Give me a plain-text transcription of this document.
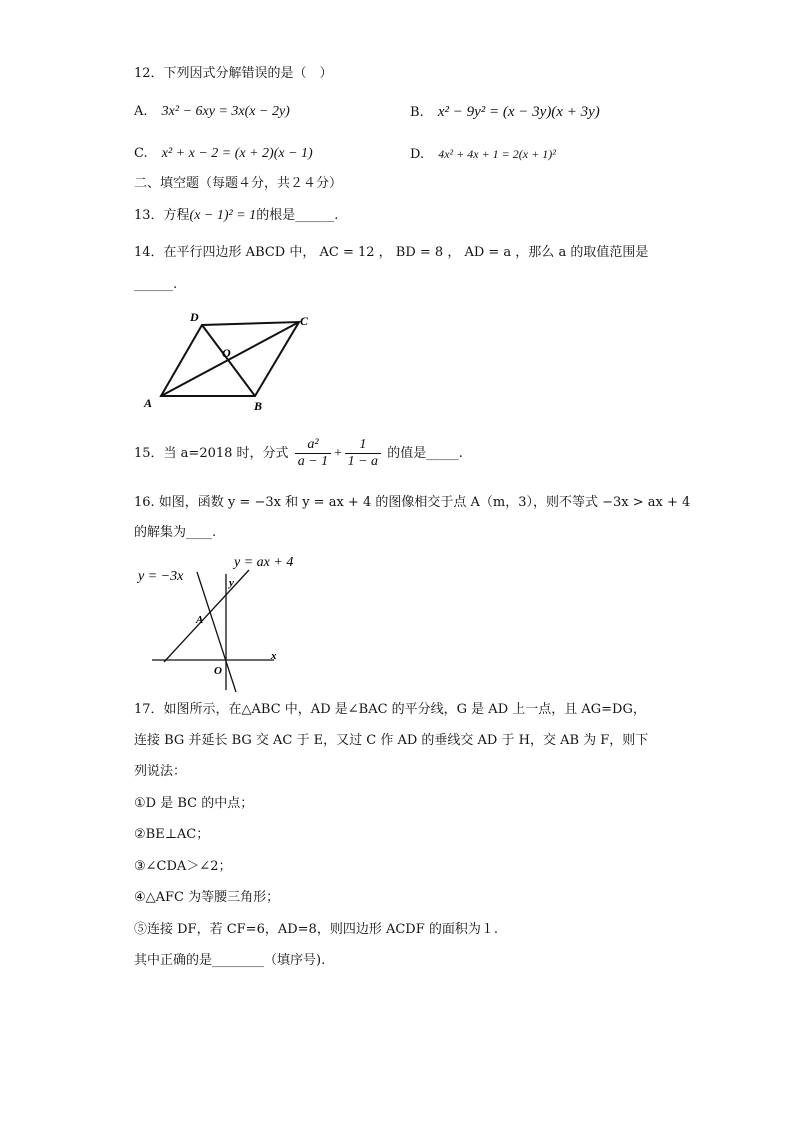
12．下列因式分解错误的是（　）
A. 3x² − 6xy = 3x(x − 2y)	B. x² − 9y² = (x − 3y)(x + 3y)
C. x² + x − 2 = (x + 2)(x − 1)	D. 4x² + 4x + 1 = 2(x + 1)²
二、填空题（每题４分，共２４分）
13．方程(x − 1)² = 1的根是______.
14．在平行四边形 ABCD 中， AC = 12 ， BD = 8 ， AD = a ，那么 a 的取值范围是
______.
A	B
C
D
O
15．当 a=2018 时，分式 $\frac{\text{a²}}{a - 1} + \frac{1}{1 - a}$ 的值是_____.
16. 如图，函数 y = −3x 和 y = ax + 4 的图像相交于点 A（m，3），则不等式 −3x > ax + 4
的解集为____.
y = −3x
y = ax + 4
y
x
A
O
17．如图所示，在△ABC 中，AD 是∠BAC 的平分线，G 是 AD 上一点，且 AG=DG，
连接 BG 并延长 BG 交 AC 于 E，又过 C 作 AD 的垂线交 AD 于 H，交 AB 为 F，则下
列说法：
①D 是 BC 的中点；
②BE⊥AC；
③∠CDA＞∠2；
④△AFC 为等腰三角形；
⑤连接 DF，若 CF=6，AD=8，则四边形 ACDF 的面积为１.
其中正确的是________（填序号).
